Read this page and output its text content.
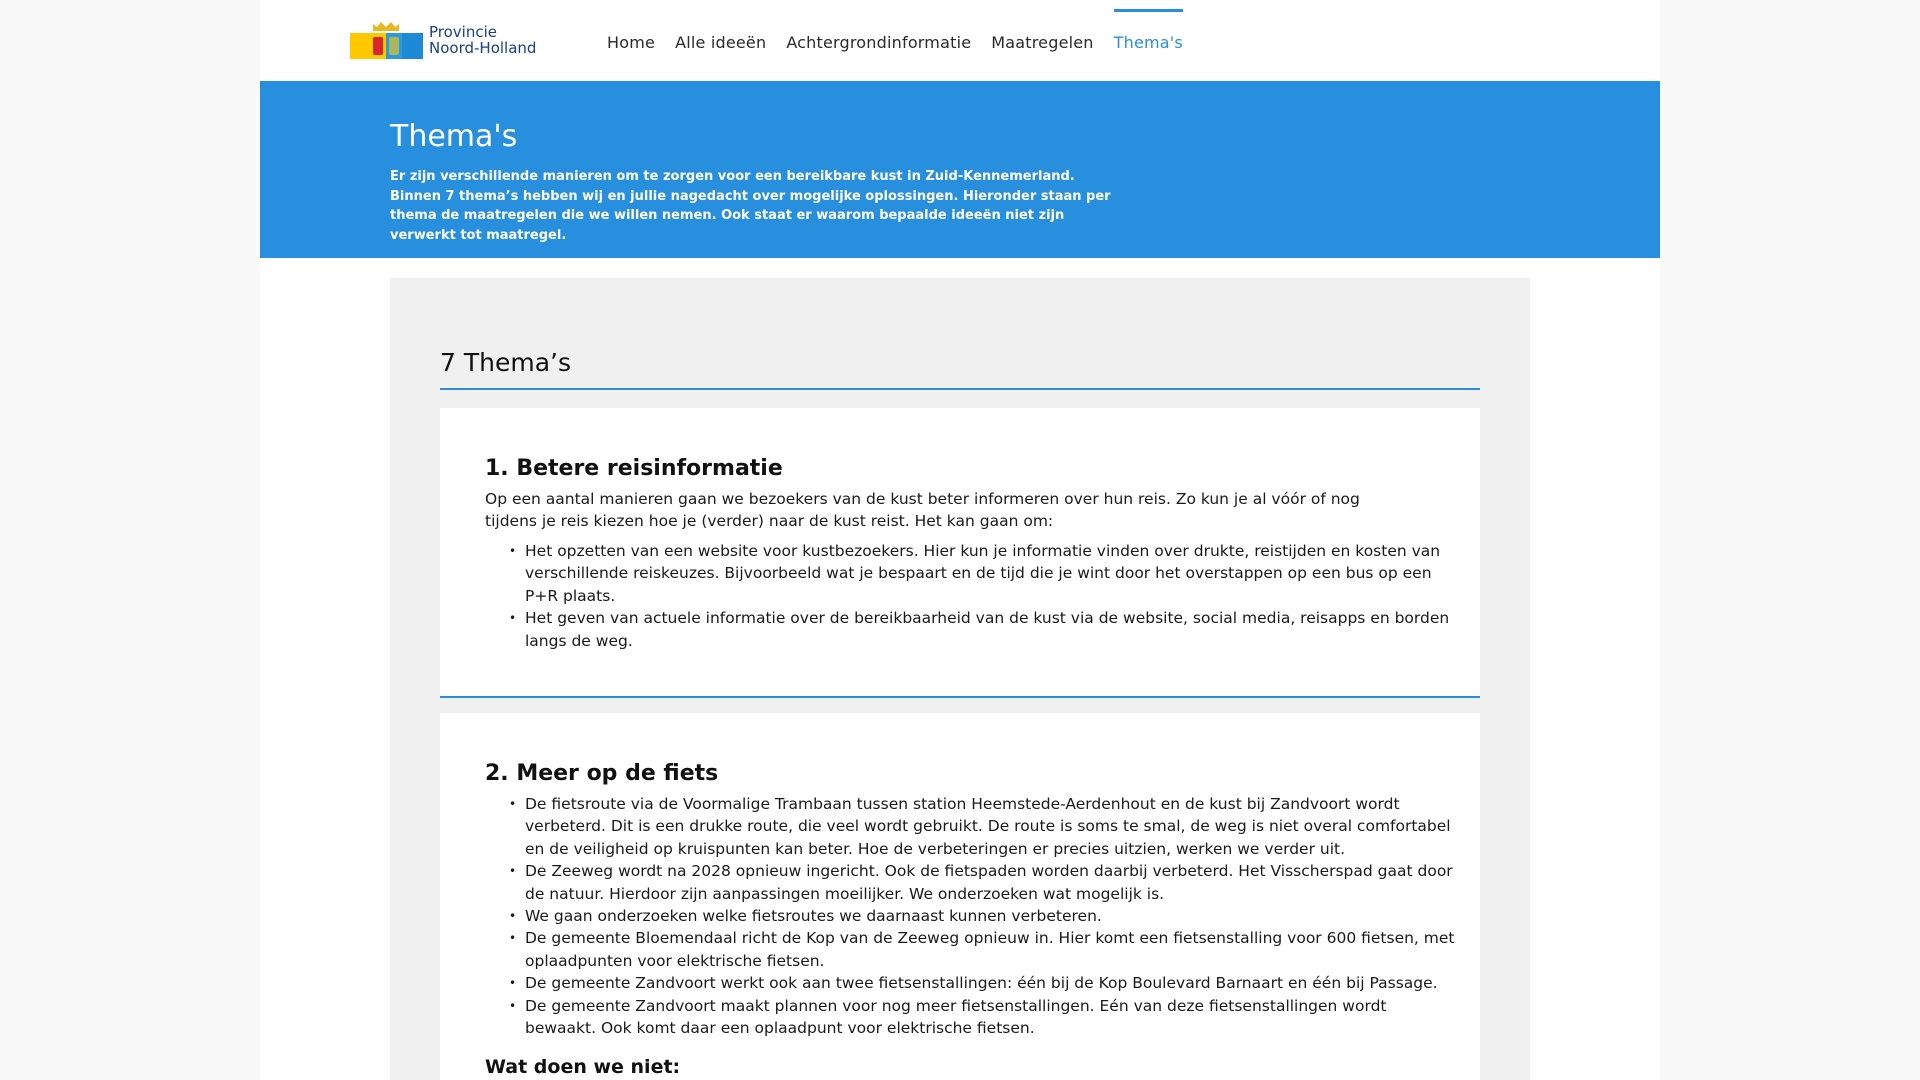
Provincie
Noord-Holland	Home Alle ideeën Achtergrondinformatie Maatregelen Thema's
Thema's

Er zijn verschillende manieren om te zorgen voor een bereikbare kust in Zuid-Kennemerland. Binnen 7 thema’s hebben wij en jullie nagedacht over mogelijke oplossingen. Hieronder staan per thema de maatregelen die we willen nemen. Ook staat er waarom bepaalde ideeën niet zijn verwerkt tot maatregel.

7 Thema’s
1. Betere reisinformatie

Op een aantal manieren gaan we bezoekers van de kust beter informeren over hun reis. Zo kun je al vóór of nog tijdens je reis kiezen hoe je (verder) naar de kust reist. Het kan gaan om:

• Het opzetten van een website voor kustbezoekers. Hier kun je informatie vinden over drukte, reistijden en kosten van verschillende reiskeuzes. Bijvoorbeeld wat je bespaart en de tijd die je wint door het overstappen op een bus op een P+R plaats.
• Het geven van actuele informatie over de bereikbaarheid van de kust via de website, social media, reisapps en borden langs de weg.
2. Meer op de fiets
• De fietsroute via de Voormalige Trambaan tussen station Heemstede-Aerdenhout en de kust bij Zandvoort wordt verbeterd. Dit is een drukke route, die veel wordt gebruikt. De route is soms te smal, de weg is niet overal comfortabel en de veiligheid op kruispunten kan beter. Hoe de verbeteringen er precies uitzien, werken we verder uit.
• De Zeeweg wordt na 2028 opnieuw ingericht. Ook de fietspaden worden daarbij verbeterd. Het Visscherspad gaat door de natuur. Hierdoor zijn aanpassingen moeilijker. We onderzoeken wat mogelijk is.
• We gaan onderzoeken welke fietsroutes we daarnaast kunnen verbeteren.
• De gemeente Bloemendaal richt de Kop van de Zeeweg opnieuw in. Hier komt een fietsenstalling voor 600 fietsen, met oplaadpunten voor elektrische fietsen.
• De gemeente Zandvoort werkt ook aan twee fietsenstallingen: één bij de Kop Boulevard Barnaart en één bij Passage.
• De gemeente Zandvoort maakt plannen voor nog meer fietsenstallingen. Eén van deze fietsenstallingen wordt bewaakt. Ook komt daar een oplaadpunt voor elektrische fietsen.
Wat doen we niet:
